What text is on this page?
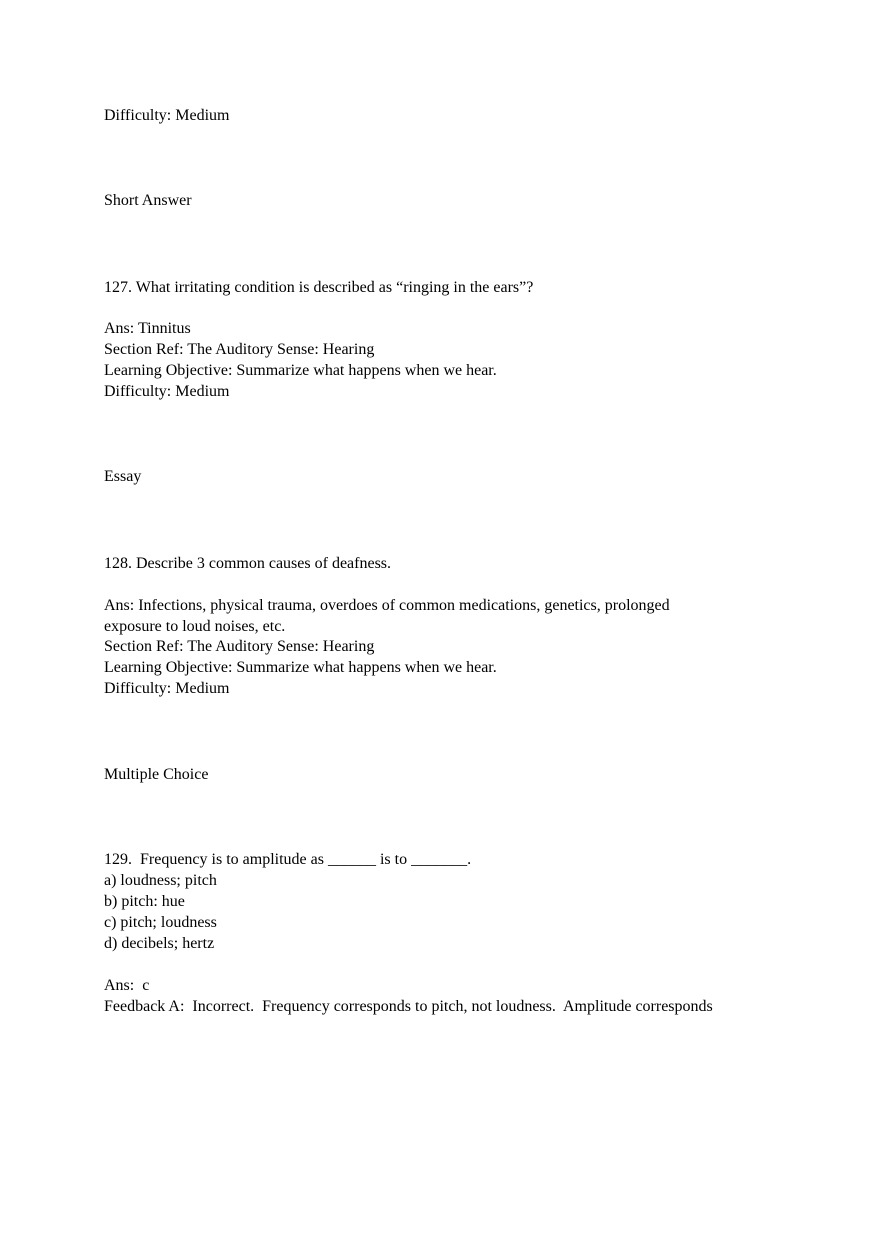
Difficulty: Medium
Short Answer
127. What irritating condition is described as “ringing in the ears”?
Ans: Tinnitus
Section Ref: The Auditory Sense: Hearing
Learning Objective: Summarize what happens when we hear.
Difficulty: Medium
Essay
128. Describe 3 common causes of deafness.
Ans: Infections, physical trauma, overdoes of common medications, genetics, prolonged
exposure to loud noises, etc.
Section Ref: The Auditory Sense: Hearing
Learning Objective: Summarize what happens when we hear.
Difficulty: Medium
Multiple Choice
129.  Frequency is to amplitude as ______ is to _______.
a) loudness; pitch
b) pitch: hue
c) pitch; loudness
d) decibels; hertz
Ans:  c
Feedback A:  Incorrect.  Frequency corresponds to pitch, not loudness.  Amplitude corresponds
